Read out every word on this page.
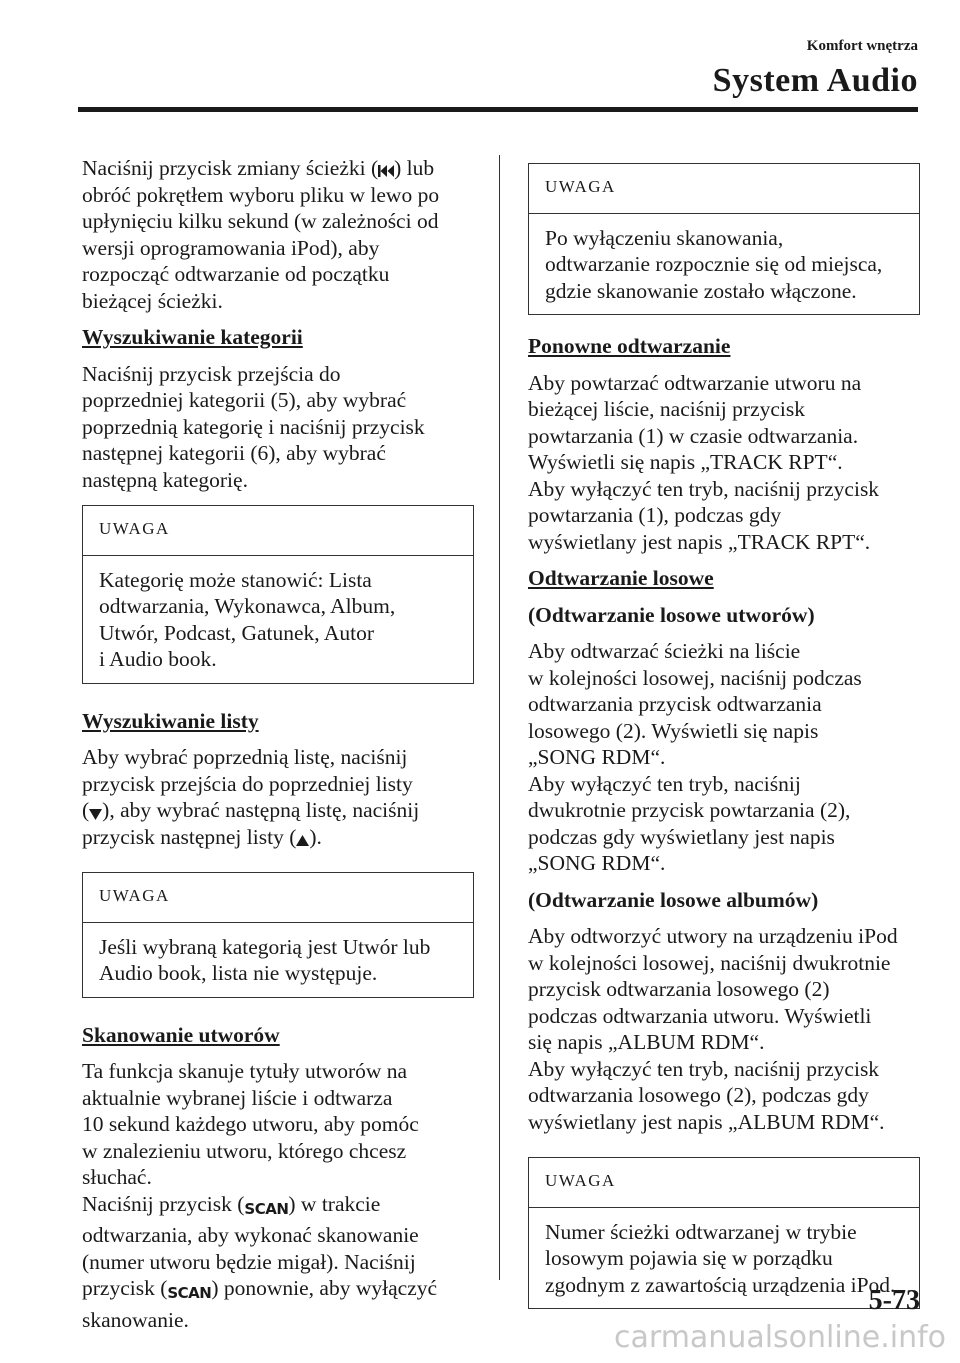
Komfort wnętrza
System Audio

Naciśnij przycisk zmiany ścieżki ( ) lub
obróć pokrętłem wyboru pliku w lewo po
upłynięciu kilku sekund (w zależności od
wersji oprogramowania iPod), aby
rozpocząć odtwarzanie od początku
bieżącej ścieżki.

Wyszukiwanie kategorii

Naciśnij przycisk przejścia do
poprzedniej kategorii (5), aby wybrać
poprzednią kategorię i naciśnij przycisk
następnej kategorii (6), aby wybrać
następną kategorię.

UWAGA
Kategorię może stanowić: Lista
odtwarzania, Wykonawca, Album,
Utwór, Podcast, Gatunek, Autor
i Audio book.
Wyszukiwanie listy

Aby wybrać poprzednią listę, naciśnij
przycisk przejścia do poprzedniej listy
( ), aby wybrać następną listę, naciśnij
przycisk następnej listy ( ).

UWAGA
Jeśli wybraną kategorią jest Utwór lub
Audio book, lista nie występuje.
Skanowanie utworów

Ta funkcja skanuje tytuły utworów na
aktualnie wybranej liście i odtwarza
10 sekund każdego utworu, aby pomóc
w znalezieniu utworu, którego chcesz
słuchać.
Naciśnij przycisk (SCAN) w trakcie
odtwarzania, aby wykonać skanowanie
(numer utworu będzie migał). Naciśnij
przycisk (SCAN) ponownie, aby wyłączyć
skanowanie.

UWAGA
Po wyłączeniu skanowania,
odtwarzanie rozpocznie się od miejsca,
gdzie skanowanie zostało włączone.
Ponowne odtwarzanie

Aby powtarzać odtwarzanie utworu na
bieżącej liście, naciśnij przycisk
powtarzania (1) w czasie odtwarzania.
Wyświetli się napis „TRACK RPT“.
Aby wyłączyć ten tryb, naciśnij przycisk
powtarzania (1), podczas gdy
wyświetlany jest napis „TRACK RPT“.

Odtwarzanie losowe
(Odtwarzanie losowe utworów)

Aby odtwarzać ścieżki na liście
w kolejności losowej, naciśnij podczas
odtwarzania przycisk odtwarzania
losowego (2). Wyświetli się napis
„SONG RDM“.
Aby wyłączyć ten tryb, naciśnij
dwukrotnie przycisk powtarzania (2),
podczas gdy wyświetlany jest napis
„SONG RDM“.

(Odtwarzanie losowe albumów)

Aby odtworzyć utwory na urządzeniu iPod
w kolejności losowej, naciśnij dwukrotnie
przycisk odtwarzania losowego (2)
podczas odtwarzania utworu. Wyświetli
się napis „ALBUM RDM“.
Aby wyłączyć ten tryb, naciśnij przycisk
odtwarzania losowego (2), podczas gdy
wyświetlany jest napis „ALBUM RDM“.

UWAGA
Numer ścieżki odtwarzanej w trybie
losowym pojawia się w porządku
zgodnym z zawartością urządzenia iPod.
5-73
carmanualsonline.info
